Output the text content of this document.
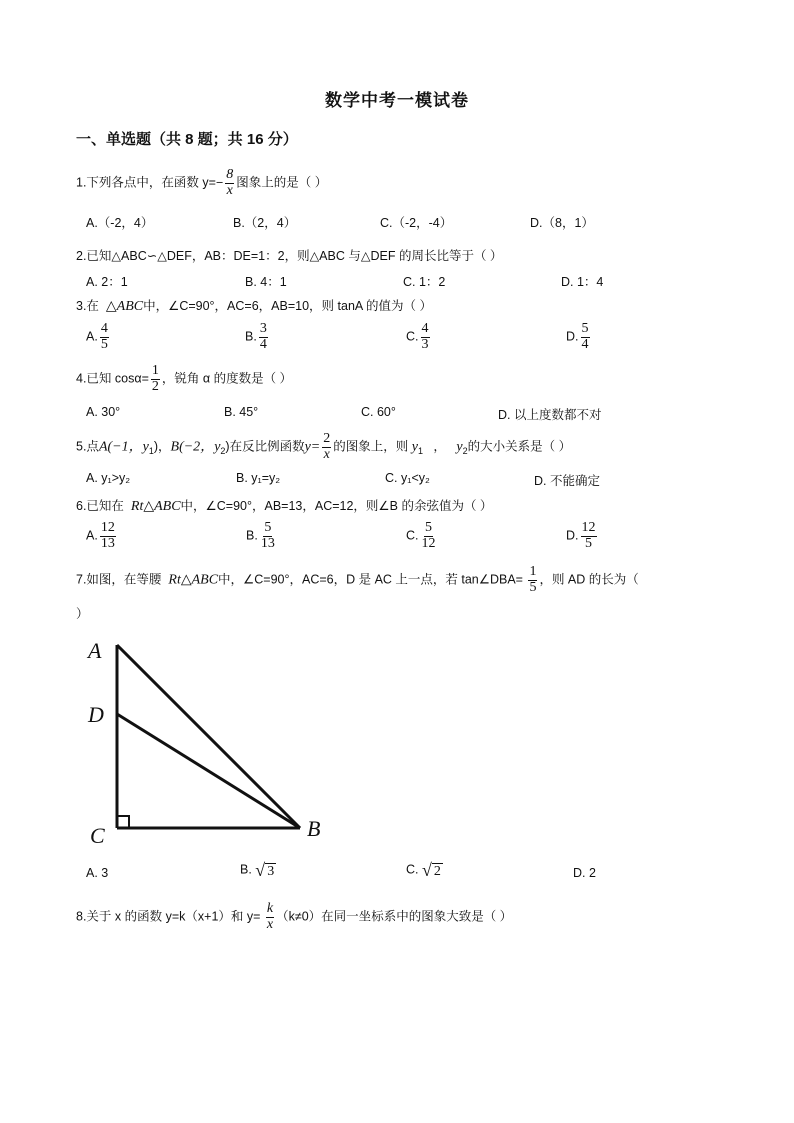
数学中考一模试卷
一、单选题（共 8 题；共 16 分）
1.下列各点中，在函数 $y=- \frac{8}{x}$ 图象上的是（ ）
A.（-2，4）	B.（2，4）	C.（-2，-4）	D.（8，1）
2.已知△ABC∽△DEF，AB：DE=1：2，则△ABC 与△DEF 的周长比等于（ ）
A. 2：1	B. 4：1	C. 1：2	D. 1：4
3.在 △ABC中，∠C=90°，AC=6，AB=10，则 tanA 的值为（ ）
A. $\frac{4}{5}$	B. $\frac{3}{4}$	C. $\frac{4}{3}$	D. $\frac{5}{4}$
4.已知 $\cos\alpha= \frac{1}{2}$ ，锐角 α 的度数是（ ）
A. 30°	B. 45°	C. 60°	D. 以上度数都不对
5.点A(−1，$y_1$)，B(−2，$y_2$)在反比例函数$y= \frac{2}{x}$ 的图象上，则 $y_1$ ， $y_2$的大小关系是（ ）
A. y₁>y₂	B. y₁=y₂	C. y₁<y₂	D. 不能确定
6.已知在 Rt△ABC中，∠C=90°，AB=13，AC=12，则∠B 的余弦值为（ ）
A. $\frac{12}{13}$	B. $\frac{5}{13}$	C. $\frac{5}{12}$	D. $\frac{12}{5}$
7.如图，在等腰 Rt△ABC中，∠C=90°，AC=6，D 是 AC 上一点，若 tan∠DBA= $\frac{1}{5}$ ，则 AD 的长为（
）
A
D
C	B
A. 3	B. √ 3	C. √ 2	D. 2
8.关于 x 的函数 y=k（x+1）和 $y= \frac{k}{x} (k\ne 0)$在同一坐标系中的图象大致是（ ）
